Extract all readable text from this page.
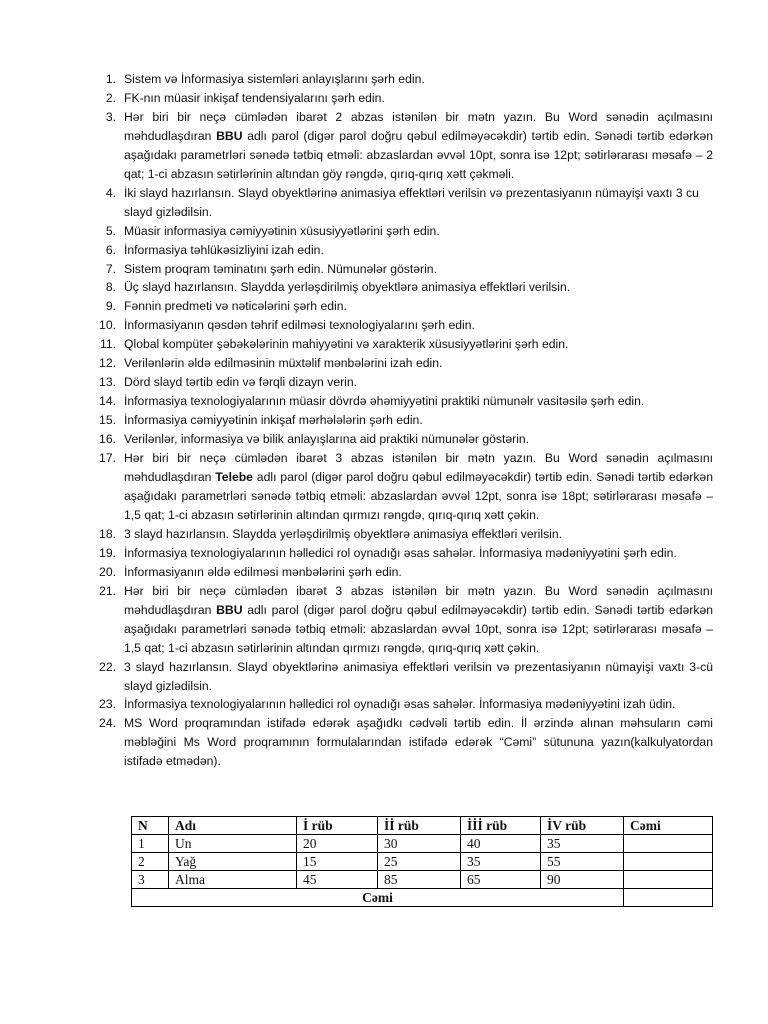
1. Sistem və İnformasiya sistemləri anlayışlarını şərh edin.
2. FK-nın müasir inkişaf tendensiyalarını şərh edin.
3. Hər biri bir neçə cümlədən ibarət 2 abzas istənilən bir mətn yazın. Bu Word sənədin açılmasını məhdudlaşdıran BBU adlı parol (digər parol doğru qəbul edilməyəcəkdir) tərtib edin. Sənədi tərtib edərkən aşağıdakı parametrləri sənədə tətbiq etməli: abzaslardan əvvəl 10pt, sonra isə 12pt; sətirlərarası məsafə – 2 qat; 1-ci abzasın sətirlərinin altından göy rəngdə, qırıq-qırıq xətt çəkməli.
4. İki slayd hazırlansın. Slayd obyektlərinə animasiya effektləri verilsin və prezentasiyanın nümayişi vaxtı 3 cu slayd gizlədilsin.
5. Müasir informasiya cəmiyyətinin xüsusiyyətlərini şərh edin.
6. İnformasiya təhlükəsizliyini izah edin.
7. Sistem proqram təminatını şərh edin. Nümunələr göstərin.
8. Üç slayd hazırlansın. Slaydda yerləşdirilmiş obyektlərə animasiya effektləri verilsin.
9. Fənnin predmeti və nəticələrini şərh edin.
10. İnformasiyanın qəsdən təhrif edilməsi texnologiyalarını şərh edin.
11. Qlobal kompüter şəbəkələrinin mahiyyətini və xarakterik xüsusiyyətlərini şərh edin.
12. Verilənlərin əldə edilməsinin müxtəlif mənbələrini izah edin.
13. Dörd slayd tərtib edin və fərqli dizayn verin.
14. İnformasiya texnologiyalarının müasir dövrdə əhəmiyyətini praktiki nümunəlr vasitəsilə şərh edin.
15. İnformasiya cəmiyyətinin inkişaf mərhələlərin şərh edin.
16. Verilənlər, informasiya və bilik anlayışlarına aid praktiki nümunələr göstərin.
17. Hər biri bir neçə cümlədən ibarət 3 abzas istənilən bir mətn yazın. Bu Word sənədin açılmasını məhdudlaşdıran Telebe adlı parol (digər parol doğru qəbul edilməyəcəkdir) tərtib edin. Sənədi tərtib edərkən aşağıdakı parametrləri sənədə tətbiq etməli: abzaslardan əvvəl 12pt, sonra isə 18pt; sətirlərarası məsafə – 1,5 qat; 1-ci abzasın sətirlərinin altından qırmızı rəngdə, qırıq-qırıq xətt çəkin.
18. 3 slayd hazırlansın. Slaydda yerləşdirilmiş obyektlərə animasiya effektləri verilsin.
19. İnformasiya texnologiyalarının həlledici rol oynadığı əsas sahələr. İnformasiya mədəniyyətini şərh edin.
20. İnformasiyanın əldə edilməsi mənbələrini şərh edin.
21. Hər biri bir neçə cümlədən ibarət 3 abzas istənilən bir mətn yazın. Bu Word sənədin açılmasını məhdudlaşdıran BBU adlı parol (digər parol doğru qəbul edilməyəcəkdir) tərtib edin. Sənədi tərtib edərkən aşağıdakı parametrləri sənədə tətbiq etməli: abzaslardan əvvəl 10pt, sonra isə 12pt; sətirlərarası məsafə – 1,5 qat; 1-ci abzasın sətirlərinin altından qırmızı rəngdə, qırıq-qırıq xətt çəkin.
22. 3 slayd hazırlansın. Slayd obyektlərinə animasiya effektləri verilsin və prezentasiyanın nümayişi vaxtı 3-cü slayd gizlədilsin.
23. İnformasiya texnologiyalarının həlledici rol oynadığı əsas sahələr. İnformasiya mədəniyyətini izah üdin.
24. MS Word proqramından istifadə edərək aşağıdkı cədvəli tərtib edin. İl ərzində alınan məhsuların cəmi məbləğini Ms Word proqramının formulalarından istifadə edərək “Cəmi” sütununa yazın(kalkulyatordan istifadə etmədən).
N	Adı	İ rüb	İİ rüb	İİİ rüb	İV rüb	Cəmi
1	Un	20	30	40	35	
2	Yağ	15	25	35	55	
3	Alma	45	85	65	90	
Cəmi						
